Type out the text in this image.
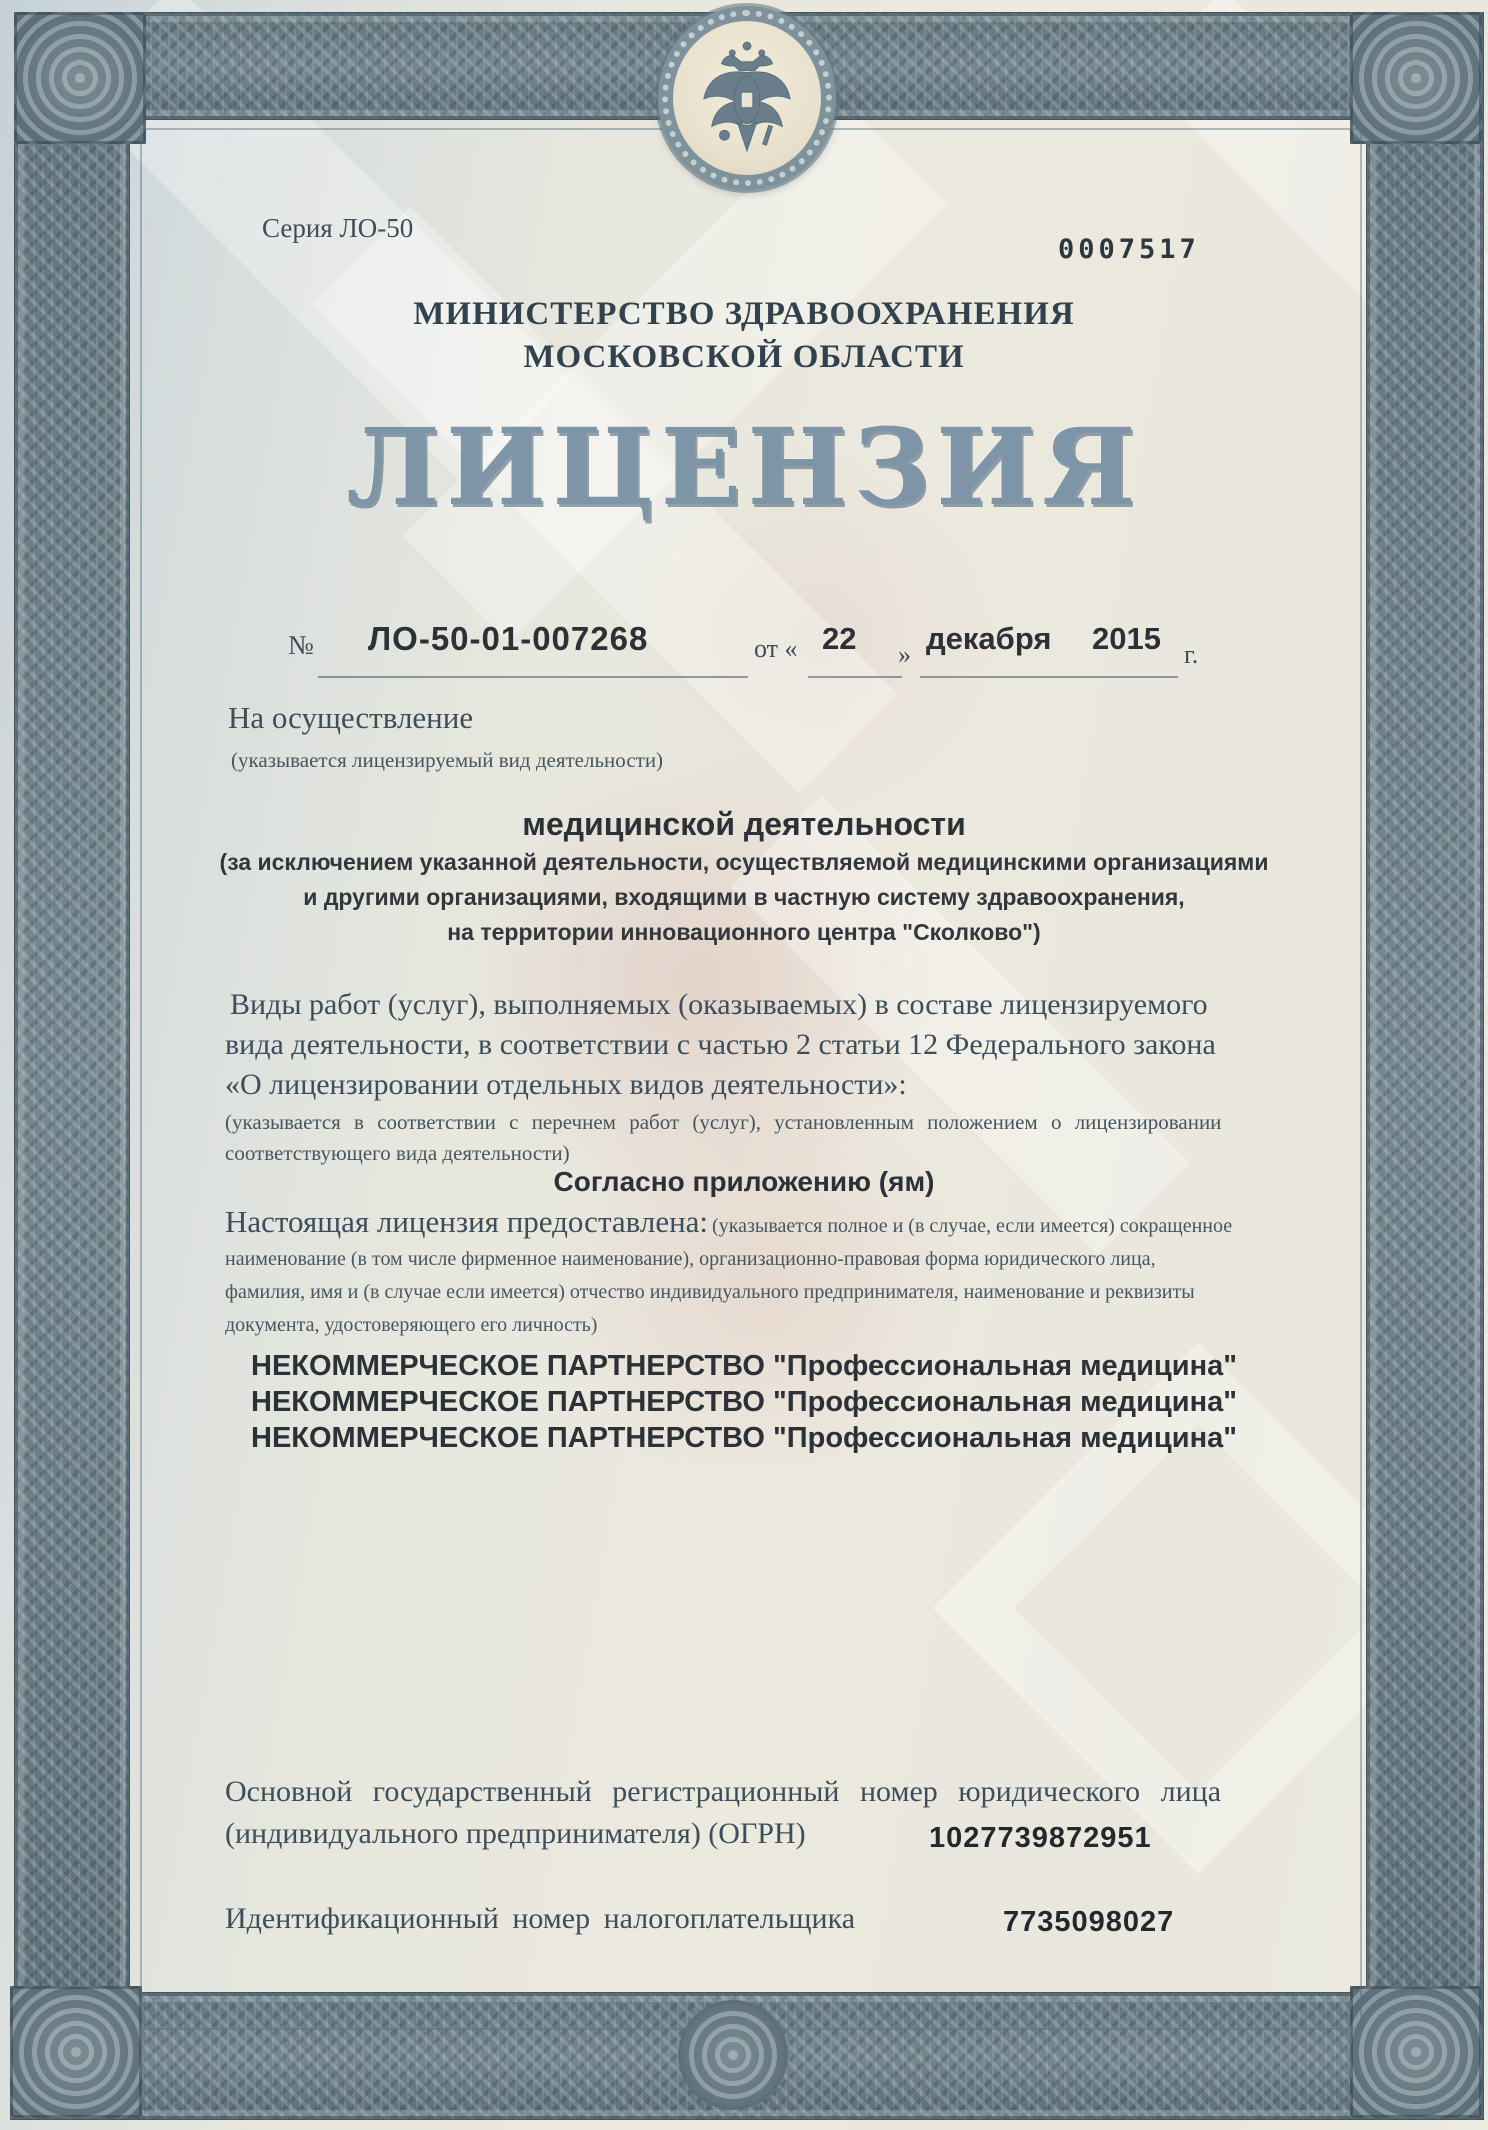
Серия ЛО-50
0007517
МИНИСТЕРСТВО ЗДРАВООХРАНЕНИЯ
МОСКОВСКОЙ ОБЛАСТИ
ЛИЦЕНЗИЯ
№ ЛО-50-01-007268	от « 22 » декабря 2015 г.
На осуществление
(указывается лицензируемый вид деятельности)
медицинской деятельности
(за исключением указанной деятельности, осуществляемой медицинскими организациями
и другими организациями, входящими в частную систему здравоохранения,
на территории инновационного центра "Сколково")
Виды работ (услуг), выполняемых (оказываемых) в составе лицензируемого
вида деятельности, в соответствии с частью 2 статьи 12 Федерального закона
«О лицензировании отдельных видов деятельности»:
(указывается в соответствии с перечнем работ (услуг), установленным положением о лицензировании
соответствующего вида деятельности)
Согласно приложению (ям)
Настоящая лицензия предоставлена: (указывается полное и (в случае, если имеется) сокращенное
наименование (в том числе фирменное наименование), организационно-правовая форма юридического лица,
фамилия, имя и (в случае если имеется) отчество индивидуального предпринимателя, наименование и реквизиты
документа, удостоверяющего его личность)
НЕКОММЕРЧЕСКОЕ ПАРТНЕРСТВО "Профессиональная медицина"
НЕКОММЕРЧЕСКОЕ ПАРТНЕРСТВО "Профессиональная медицина"
НЕКОММЕРЧЕСКОЕ ПАРТНЕРСТВО "Профессиональная медицина"
Основной государственный регистрационный номер юридического лица
(индивидуального предпринимателя) (ОГРН)	1027739872951
Идентификационный номер налогоплательщика	7735098027
